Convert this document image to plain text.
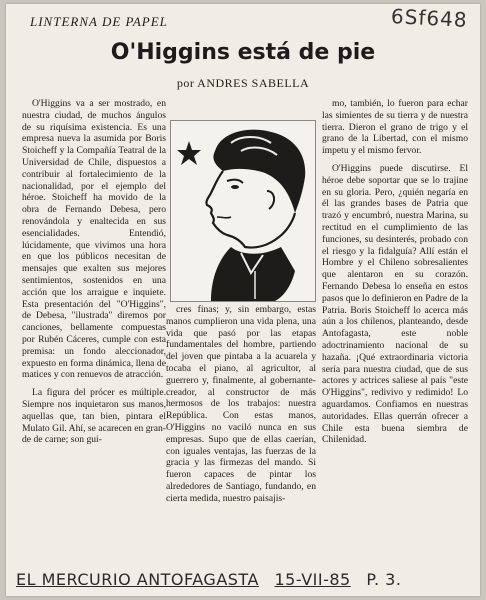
LINTERNA DE PAPEL	6Sf648
O'Higgins está de pie
por ANDRES SABELLA

O'Higgins va a ser mostrado, en nuestra ciudad, de muchos ángulos de su riquísima existencia. Es una empresa nueva la asumida por Boris Stoicheff y la Compañía Teatral de la Universidad de Chile, dispuestos a contribuir al fortalecimiento de la nacionalidad, por el ejemplo del héroe. Stoicheff ha movido de la obra de Fernando Debesa, pero renovándola y enaltecida en sus esencialidades. Entendió, lúcidamente, que vivimos una hora en que los públicos necesitan de mensajes que exalten sus mejores sentimientos, sostenidos en una acción que los arraigue e inquiete. Esta presentación del "O'Higgins", de Debesa, "ilustrada" diremos por canciones, bellamente compuestas por Rubén Cáceres, cumple con esta premisa: un fondo aleccionador, expuesto en forma dinámica, llena de matices y con renuevos de atracción.

La figura del prócer es múltiple. Siempre nos inquietaron sus manos, aquellas que, tan bien, pintara el Mulato Gil. Ahí, se acarecen en gran- de de carne; son gui-

cres finas; y, sin embargo, estas manos cumplieron una vida plena, una vida que pasó por las etapas fundamentales del hombre, partiendo del joven que pintaba a la acuarela y tocaba el piano, al agricultor, al guerrero y, finalmente, al gobernante-creador, al constructor de más hermosos de los trabajos: nuestra República. Con estas manos, O'Higgins no vaciló nunca en sus empresas. Supo que de ellas caerían, con iguales ventajas, las fuerzas de la gracia y las firmezas del mando. Si fueron capaces de pintar los alrededores de Santiago, fundando, en cierta medida, nuestro paisajis-

mo, también, lo fueron para echar las simientes de su tierra y de nuestra tierra. Dieron el grano de trigo y el grano de la Libertad, con el mismo ímpetu y el mismo fervor.

O'Higgins puede discutirse. El héroe debe soportar que se lo trajine en su gloria. Pero, ¿quién negaría en él las grandes bases de Patria que trazó y encumbró, nuestra Marina, su rectitud en el cumplimiento de las funciones, su desinterés, probado con el riesgo y la fidalguía? Allí están el Hombre y el Chileno sobresalientes que alentaron en su corazón. Fernando Debesa lo enseña en estos pasos que lo definieron en Padre de la Patria. Boris Stoicheff lo acerca más aún a los chilenos, planteando, desde Antofagasta, este noble adoctrinamiento nacional de su hazaña. ¡Qué extraordinaria victoria sería para nuestra ciudad, que de sus actores y actrices saliese al país "este O'Higgins", redivivo y redimido! Lo aguardamos. Confiamos en nuestras autoridades. Ellas querrán ofrecer a Chile esta buena siembra de Chilenidad.

EL MERCURIO ANTOFAGASTA 15-VII-85 P. 3.
